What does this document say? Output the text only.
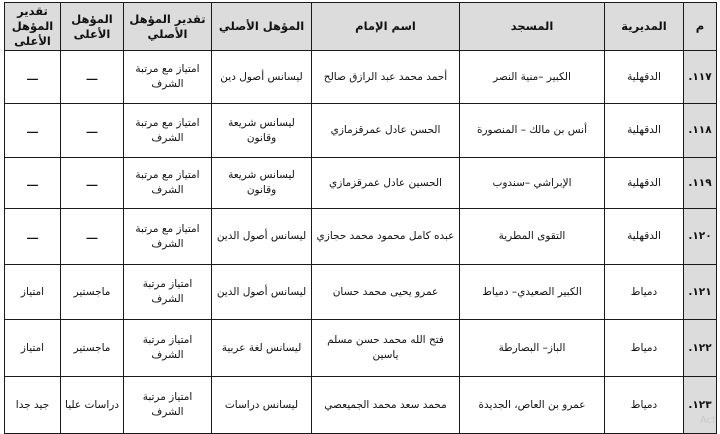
م	المديرية	المسجد	اسم الإمام	المؤهل الأصلي	تقدير المؤهل الأصلي	المؤهل الأعلى	تقدير المؤهل الأعلى
١١٧.	الدقهلية	الكبير –منية النصر	أحمد محمد عبد الرازق صالح	ليسانس أصول دين	امتياز مع مرتبة الشرف	ـــ	ـــ
١١٨.	الدقهلية	أنس بن مالك – المنصورة	الحسن عادل عمرقزمازي	ليسانس شريعة وقانون	امتياز مع مرتبة الشرف	ـــ	ـــ
١١٩.	الدقهلية	الإبراشي –سندوب	الحسين عادل عمرقزمازي	ليسانس شريعة وقانون	امتياز مع مرتبة الشرف	ـــ	ـــ
١٢٠.	الدقهلية	التقوى المطرية	عبده كامل محمود محمد حجازي	ليسانس أصول الدين	امتياز مع مرتبة الشرف	ـــ	ـــ
١٢١.	دمياط	الكبير الصعيدي– دمياط	عمرو يحيى محمد حسان	ليسانس أصول الدين	امتياز مرتبة الشرف	ماجستير	امتياز
١٢٢.	دمياط	الباز– البصارطة	فتح الله محمد حسن مسلم ياسين	ليسانس لغة عربية	امتياز مرتبة الشرف	ماجستير	امتياز
١٢٣.	دمياط	عمرو بن العاص، الجديدة	محمد سعد محمد الجميعصي	ليسانس دراسات	امتياز مرتبة الشرف	دراسات عليا	جيد جدا
Act
